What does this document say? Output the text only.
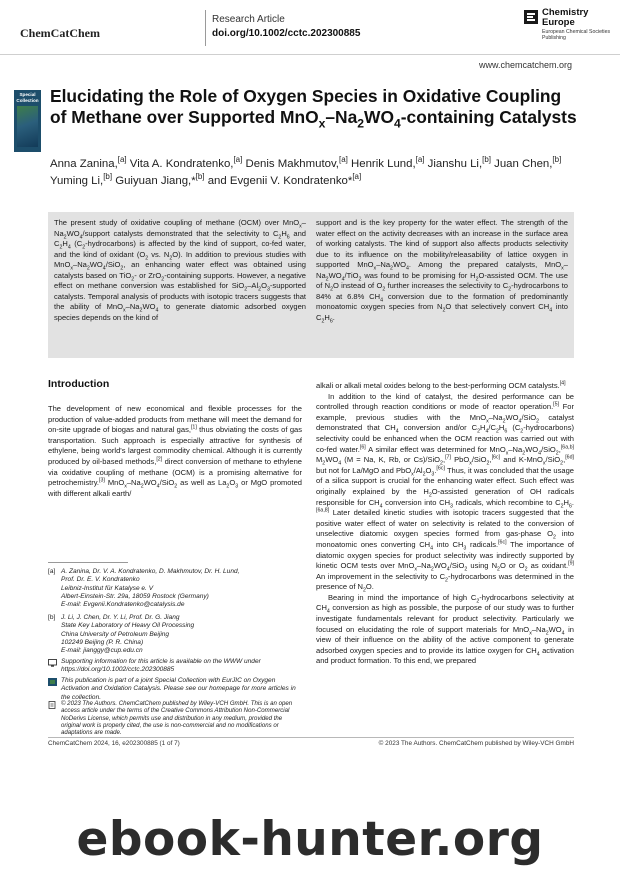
ChemCatChem
Research Article
doi.org/10.1002/cctc.202300885
Chemistry Europe
European Chemical Societies Publishing
www.chemcatchem.org
Special Collection Elucidating the Role of Oxygen Species in Oxidative Coupling of Methane over Supported $MnO_x-Na_2WO_4$-containing Catalysts
Anna Zanina,[a] Vita A. Kondratenko,[a] Denis Makhmutov,[a] Henrik Lund,[a] Jianshu Li,[b] Juan Chen,[b] Yuming Li,[b] Guiyuan Jiang,*[b] and Evgenii V. Kondratenko*[a]
The present study of oxidative coupling of methane (OCM) over $MnO_x-Na_2WO_4$/support catalysts demonstrated that the selectivity to $C_2H_6$ and $C_2H_4$ $(C_2-hydrocarbons)$ is affected by the kind of support, co-fed water, and the kind of oxidant ($O_2$ vs. $N_2O$). In addition to previous studies with $MnO_x-Na_2WO_4/SiO_2$, an enhancing water effect was obtained using catalysts based on TiO$_2$- or ZrO$_2$-containing supports. However, a negative effect on methane conversion was established for $SiO_2-Al_2O_3$-supported catalysts. Temporal analysis of products with isotopic tracers suggests that the ability of $MnO_x-Na_2WO_4$ to generate diatomic adsorbed oxygen species depends on the kind of
support and is the key property for the water effect. The strength of the water effect on the activity decreases with an increase in the surface area of working catalysts. The kind of support also affects products selectivity due to its influence on the mobility/releasability of lattice oxygen in supported $MnO_x-Na_2WO_4$. Among the prepared catalysts, $MnO_x-Na_2WO_4/TiO_2$ was found to be promising for $H_2O$-assisted OCM. The use of $N_2O$ instead of $O_2$ further increases the selectivity to $C_2$-hydrocarbons to 84% at 6.8% $CH_4$ conversion due to the formation of predominantly monoatomic oxygen species from $N_2O$ that selectively convert $CH_4$ into $C_2H_6$.
Introduction
The development of new economical and flexible processes for the production of value-added products from methane will meet the demand for on-site upgrade of biogas and natural gas,[1] thus obviating the costs of gas transportation. Such approach is especially attractive for synthesis of ethylene, being world's largest commodity chemical. Although it is currently produced by oil-based methods,[2] direct conversion of methane to ethylene via oxidative coupling of methane (OCM) is a promising alternative for petrochemistry.[3] $MnO_x-Na_2WO_4/SiO_2$ as well as $La_2O_3$ or MgO promoted with different alkali earth/

alkali or alkali metal oxides belong to the best-performing OCM catalysts.[4]

In addition to the kind of catalyst, the desired performance can be controlled through reaction conditions or mode of reactor operation.[5] For example, previous studies with the $MnO_x-Na_2WO_4/SiO_2$ catalyst demonstrated that $CH_4$ conversion and/or $C_2H_4/C_2H_6$ $(C_2-hydrocarbons)$ selectivity could be enhanced when the OCM reaction was carried out with co-fed water.[6] A similar effect was determined for $MnO_x-Na_2WO_4/SiO_2,[6a,b]$ $M_2WO_4$ (M = Na, K, Rb, or Cs)/SiO$_2$,[7] PbO$_x$/SiO$_2$,[6c] and K-MnO$_x$/SiO$_2$,[6d] but not for La/MgO and $PbO_x/Al_2O_3.[6c]$ Thus, it was concluded that the usage of a silica support is crucial for the enhancing water effect. Such effect was originally explained by the $H_2O$-assisted generation of OH radicals responsible for $CH_4$ conversion into $CH_3$ radicals, which recombine to $C_2H_6.[6a,8]$ Later detailed kinetic studies with isotopic tracers suggested that the positive water effect of water on selectivity is related to the conversion of unselective diatomic oxygen species formed from gas-phase $O_2$ into monoatomic ones converting $CH_4$ into $CH_3$ radicals.[6c] The importance of diatomic oxygen species for product selectivity was indirectly supported by kinetic OCM tests over $MnO_x-Na_2WO_4/SiO_2$ using $N_2O$ or $O_2$ as oxidant.[9] An improvement in the selectivity to $C_2$-hydrocarbons was determined in the presence of $N_2O$.

Bearing in mind the importance of high $C_2$-hydrocarbons selectivity at $CH_4$ conversion as high as possible, the purpose of our study was to further investigate fundamentals relevant for product selectivity. Particularly we focused on elucidating the role of support materials for $MnO_x-Na_2WO_4$ in view of their influence on the ability of the active component to generate adsorbed oxygen species and to provide its lattice oxygen for $CH_4$ activation and product formation. To this end, we prepared

[a] A. Zanina, Dr. V. A. Kondratenko, D. Makhmutov, Dr. H. Lund,
Prof. Dr. E. V. Kondratenko
Leibniz-Institut für Katalyse e. V
Albert-Einstein-Str. 29a, 18059 Rostock (Germany)
E-mail: Evgenii.Kondratenko@catalysis.de
[b] J. Li, J. Chen, Dr. Y. Li, Prof. Dr. G. Jiang
State Key Laboratory of Heavy Oil Processing
China University of Petroleum Beijing
102249 Beijing (P. R. China)
E-mail: jianggy@cup.edu.cn
Supporting information for this article is available on the WWW under https://doi.org/10.1002/cctc.202300885
This publication is part of a joint Special Collection with EurJIC on Oxygen Activation and Oxidation Catalysis. Please see our homepage for more articles in the collection.
ChemCatChem 2024, 16, e202300885 (1 of 7)	© 2023 The Authors. ChemCatChem published by Wiley-VCH GmbH
ebook-hunter.org
© 2023 The Authors. ChemCatChem published by Wiley-VCH GmbH. This is an open access article under the terms of the Creative Commons Attribution Non-Commercial NoDerivs License, which permits use and distribution in any medium, provided the original work is properly cited, the use is non-commercial and no modifications or adaptations are made.
